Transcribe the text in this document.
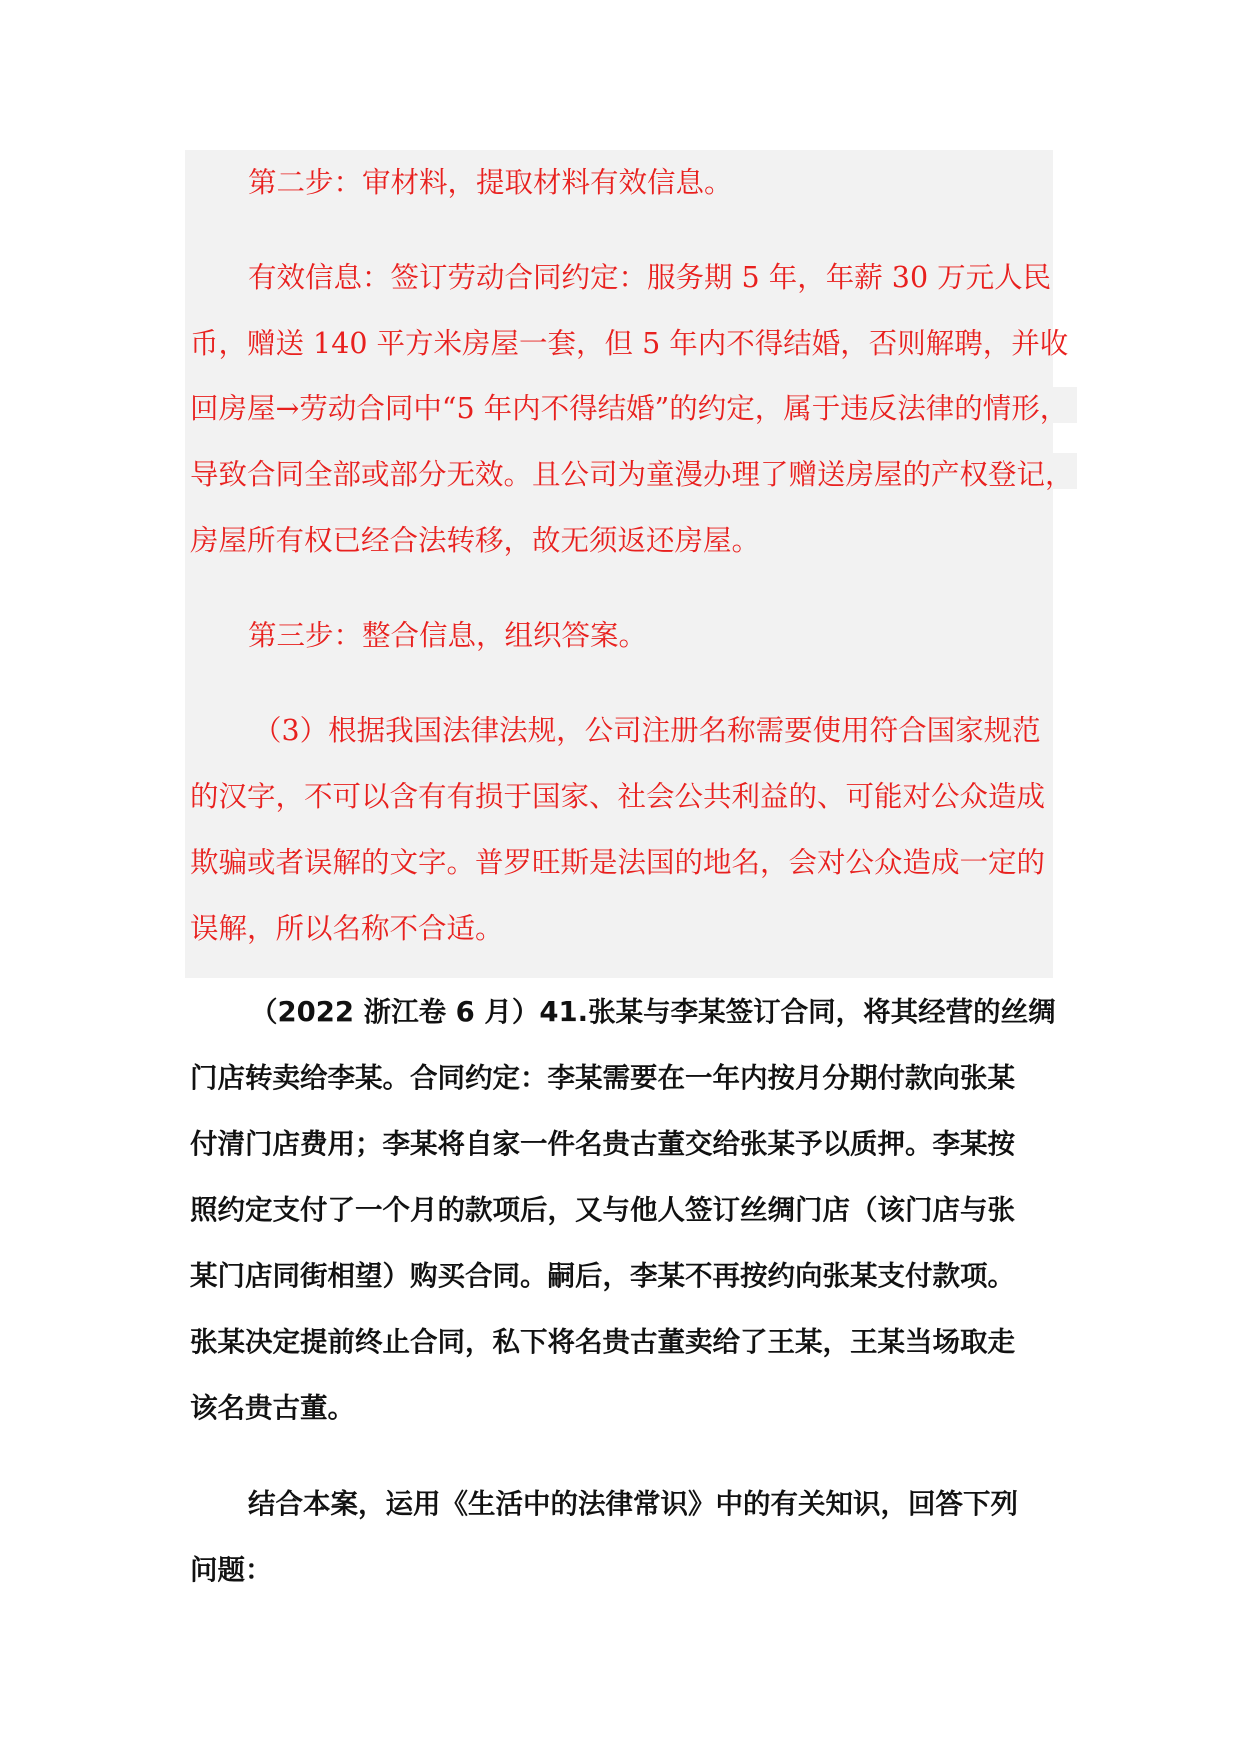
第二步：审材料，提取材料有效信息。

有效信息：签订劳动合同约定：服务期 5 年，年薪 30 万元人民

币，赠送 140 平方米房屋一套，但 5 年内不得结婚，否则解聘，并收

回房屋→劳动合同中“5 年内不得结婚”的约定，属于违反法律的情形，

导致合同全部或部分无效。且公司为童漫办理了赠送房屋的产权登记，

房屋所有权已经合法转移，故无须返还房屋。

第三步：整合信息，组织答案。

（3）根据我国法律法规，公司注册名称需要使用符合国家规范

的汉字，不可以含有有损于国家、社会公共利益的、可能对公众造成

欺骗或者误解的文字。普罗旺斯是法国的地名，会对公众造成一定的

误解，所以名称不合适。

（2022 浙江卷 6 月）41.张某与李某签订合同，将其经营的丝绸

门店转卖给李某。合同约定：李某需要在一年内按月分期付款向张某

付清门店费用；李某将自家一件名贵古董交给张某予以质押。李某按

照约定支付了一个月的款项后，又与他人签订丝绸门店（该门店与张

某门店同街相望）购买合同。嗣后，李某不再按约向张某支付款项。

张某决定提前终止合同，私下将名贵古董卖给了王某，王某当场取走

该名贵古董。

结合本案，运用《生活中的法律常识》中的有关知识，回答下列

问题：
